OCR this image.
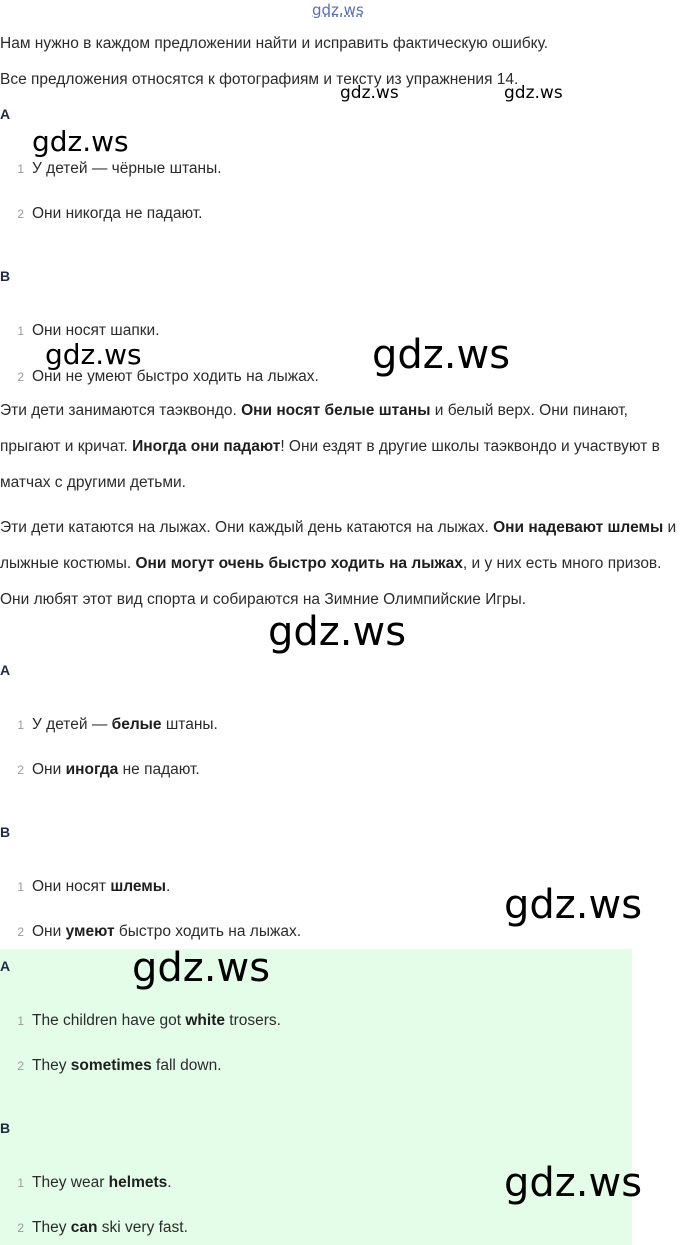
gdz.ws

Нам нужно в каждом предложении найти и исправить фактическую ошибку.

Все предложения относятся к фотографиям и тексту из упражнения 14.

gdz.ws	gdz.ws
A
gdz.ws
1 У детей — чёрные штаны.
2 Они никогда не падают.
B
1 Они носят шапки.
gdz.ws	gdz.ws
2 Они не умеют быстро ходить на лыжах.

Эти дети занимаются таэквондо. Они носят белые штаны и белый верх. Они пинают, прыгают и кричат. Иногда они падают! Они ездят в другие школы таэквондо и участвуют в матчах с другими детьми.

Эти дети катаются на лыжах. Они каждый день катаются на лыжах. Они надевают шлемы и лыжные костюмы. Они могут очень быстро ходить на лыжах, и у них есть много призов. Они любят этот вид спорта и собираются на Зимние Олимпийские Игры.

gdz.ws
A
1 У детей — белые штаны.
2 Они иногда не падают.
B
1 Они носят шлемы.	gdz.ws
2 Они умеют быстро ходить на лыжах.
A	gdz.ws
1 The children have got white trosers.
2 They sometimes fall down.
B
gdz.ws
1 They wear helmets.
2 They can ski very fast.
